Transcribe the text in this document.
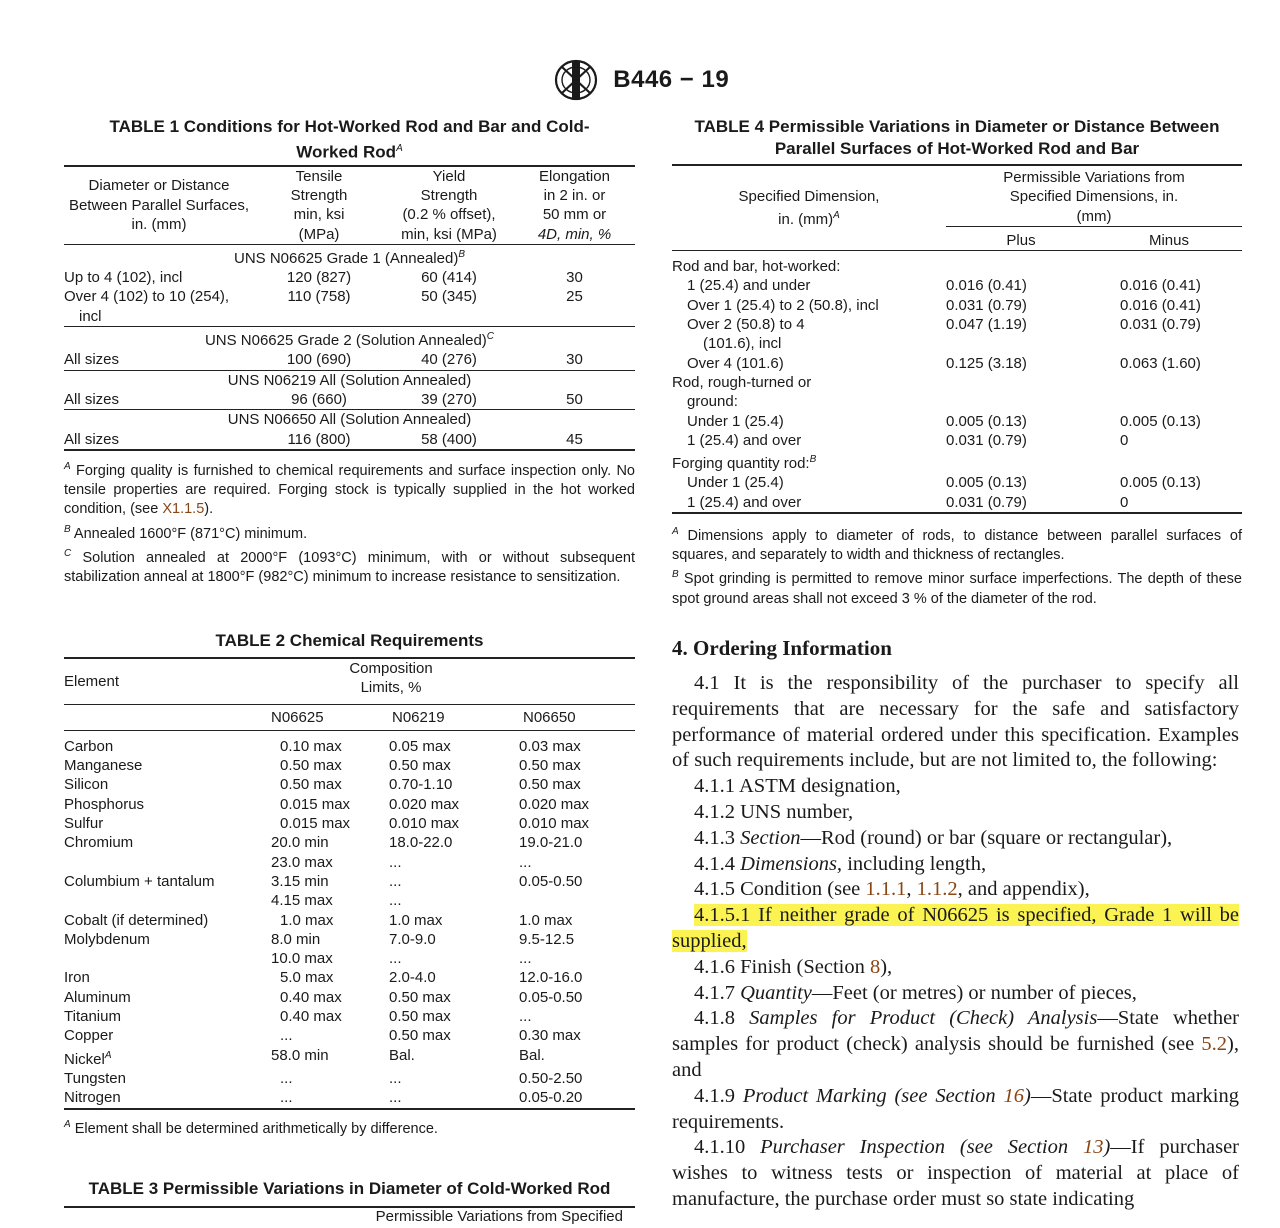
B446 − 19
TABLE 1 Conditions for Hot-Worked Rod and Bar and Cold-
Worked Rod$^A$
Diameter or Distance
Between Parallel Surfaces,
in. (mm)	Tensile
Strength
min, ksi
(MPa)	Yield
Strength
(0.2 % offset),
min, ksi (MPa)	Elongation
in 2 in. or
50 mm or
4D, min, %
UNS N06625 Grade 1 (Annealed)$^B$
Up to 4 (102), incl	120 (827)	60 (414)	30
Over 4 (102) to 10 (254),
incl	110 (758)	50 (345)	25
UNS N06625 Grade 2 (Solution Annealed)$^C$
All sizes	100 (690)	40 (276)	30
UNS N06219 All (Solution Annealed)			
All sizes	96 (660)	39 (270)	50
UNS N06650 All (Solution Annealed)			
All sizes	116 (800)	58 (400)	45
$^A$ Forging quality is furnished to chemical requirements and surface inspection only. No tensile properties are required. Forging stock is typically supplied in the hot worked condition, (see X1.1.5).
$^B$ Annealed 1600°F (871°C) minimum.
$^C$ Solution annealed at 2000°F (1093°C) minimum, with or without subsequent stabilization anneal at 1800°F (982°C) minimum to increase resistance to sensitization.
TABLE 2 Chemical Requirements
Element	Composition
Limits, %		

	N06625	N06219	N06650
Carbon	0.10 max	0.05 max	0.03 max
Manganese	0.50 max	0.50 max	0.50 max
Silicon	0.50 max	0.70-1.10	0.50 max
Phosphorus	0.015 max	0.020 max	0.020 max
Sulfur	0.015 max	0.010 max	0.010 max
Chromium	20.0 min	18.0-22.0	19.0-21.0
	23.0 max	...	...
Columbium + tantalum	3.15 min	...	0.05-0.50
	4.15 max	...	
Cobalt (if determined)	1.0 max	1.0 max	1.0 max
Molybdenum	8.0 min	7.0-9.0	9.5-12.5
	10.0 max	...	...
Iron	5.0 max	2.0-4.0	12.0-16.0
Aluminum	0.40 max	0.50 max	0.05-0.50
Titanium	0.40 max	0.50 max	...
Copper	...	0.50 max	0.30 max
Nickel$^A$	58.0 min	Bal.	Bal.
Tungsten	...	...	0.50-2.50
Nitrogen	...	...	0.05-0.20
$^A$ Element shall be determined arithmetically by difference.
TABLE 3 Permissible Variations in Diameter of Cold-Worked Rod
Permissible Variations from Specified
TABLE 4 Permissible Variations in Diameter or Distance Between
Parallel Surfaces of Hot-Worked Rod and Bar
Specified Dimension,
in. (mm)$^A$	Permissible Variations from
Specified Dimensions, in.
(mm)	
	Plus	Minus

Rod and bar, hot-worked:		
1 (25.4) and under	0.016 (0.41)	0.016 (0.41)
Over 1 (25.4) to 2 (50.8), incl	0.031 (0.79)	0.016 (0.41)
Over 2 (50.8) to 4	0.047 (1.19)	0.031 (0.79)
(101.6), incl		
Over 4 (101.6)	0.125 (3.18)	0.063 (1.60)
Rod, rough-turned or		
ground:		
Under 1 (25.4)	0.005 (0.13)	0.005 (0.13)
1 (25.4) and over	0.031 (0.79)	0
Forging quantity rod:$^B$		
Under 1 (25.4)	0.005 (0.13)	0.005 (0.13)
1 (25.4) and over	0.031 (0.79)	0
$^A$ Dimensions apply to diameter of rods, to distance between parallel surfaces of squares, and separately to width and thickness of rectangles.
$^B$ Spot grinding is permitted to remove minor surface imperfections. The depth of these spot ground areas shall not exceed 3 % of the diameter of the rod.
4. Ordering Information

4.1 It is the responsibility of the purchaser to specify all requirements that are necessary for the safe and satisfactory performance of material ordered under this specification. Examples of such requirements include, but are not limited to, the following:

4.1.1 ASTM designation,

4.1.2 UNS number,

4.1.3 Section—Rod (round) or bar (square or rectangular),

4.1.4 Dimensions, including length,

4.1.5 Condition (see 1.1.1, 1.1.2, and appendix),

4.1.5.1 If neither grade of N06625 is specified, Grade 1 will be supplied,

4.1.6 Finish (Section 8),

4.1.7 Quantity—Feet (or metres) or number of pieces,

4.1.8 Samples for Product (Check) Analysis—State whether samples for product (check) analysis should be furnished (see 5.2), and

4.1.9 Product Marking (see Section 16)—State product marking requirements.

4.1.10 Purchaser Inspection (see Section 13)—If purchaser wishes to witness tests or inspection of material at place of manufacture, the purchase order must so state indicating
